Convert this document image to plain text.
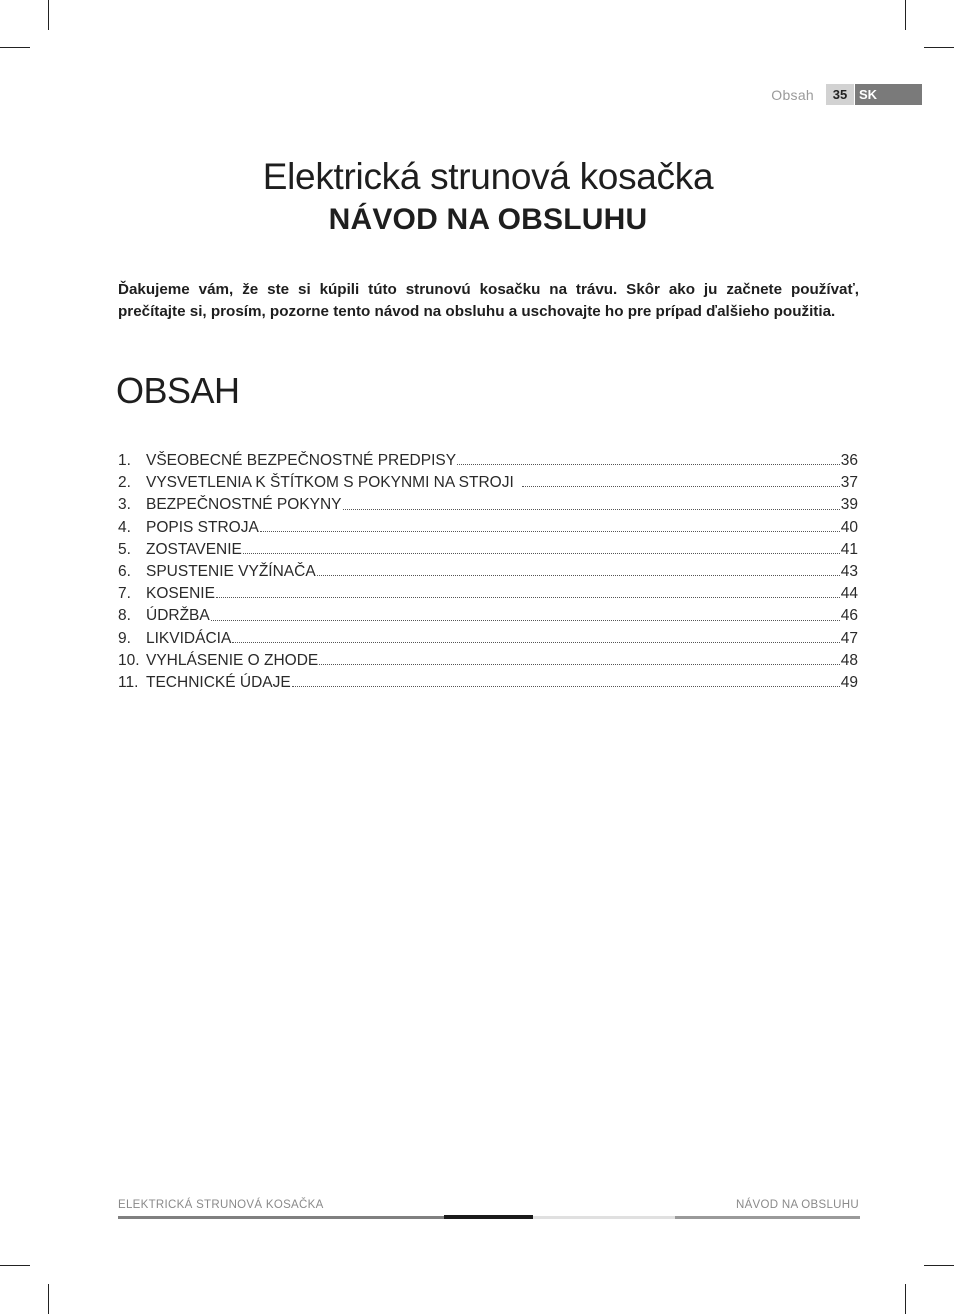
Obsah	35 SK
Elektrická strunová kosačka
NÁVOD NA OBSLUHU
Ďakujeme vám, že ste si kúpili túto strunovú kosačku na trávu. Skôr ako ju začnete používať, prečítajte si, prosím, pozorne tento návod na obsluhu a uschovajte ho pre prípad ďalšieho použitia.
OBSAH
1. VŠEOBECNÉ BEZPEČNOSTNÉ PREDPISY	36
2. VYSVETLENIA K ŠTÍTKOM S POKYNMI NA STROJI	37
3. BEZPEČNOSTNÉ POKYNY	39
4. POPIS STROJA	40
5. ZOSTAVENIE	41
6. SPUSTENIE VYŽÍNAČA	43
7. KOSENIE	44
8. ÚDRŽBA	46
9. LIKVIDÁCIA	47
10. VYHLÁSENIE O ZHODE	48
11. TECHNICKÉ ÚDAJE	49
ELEKTRICKÁ STRUNOVÁ KOSAČKA	NÁVOD NA OBSLUHU
